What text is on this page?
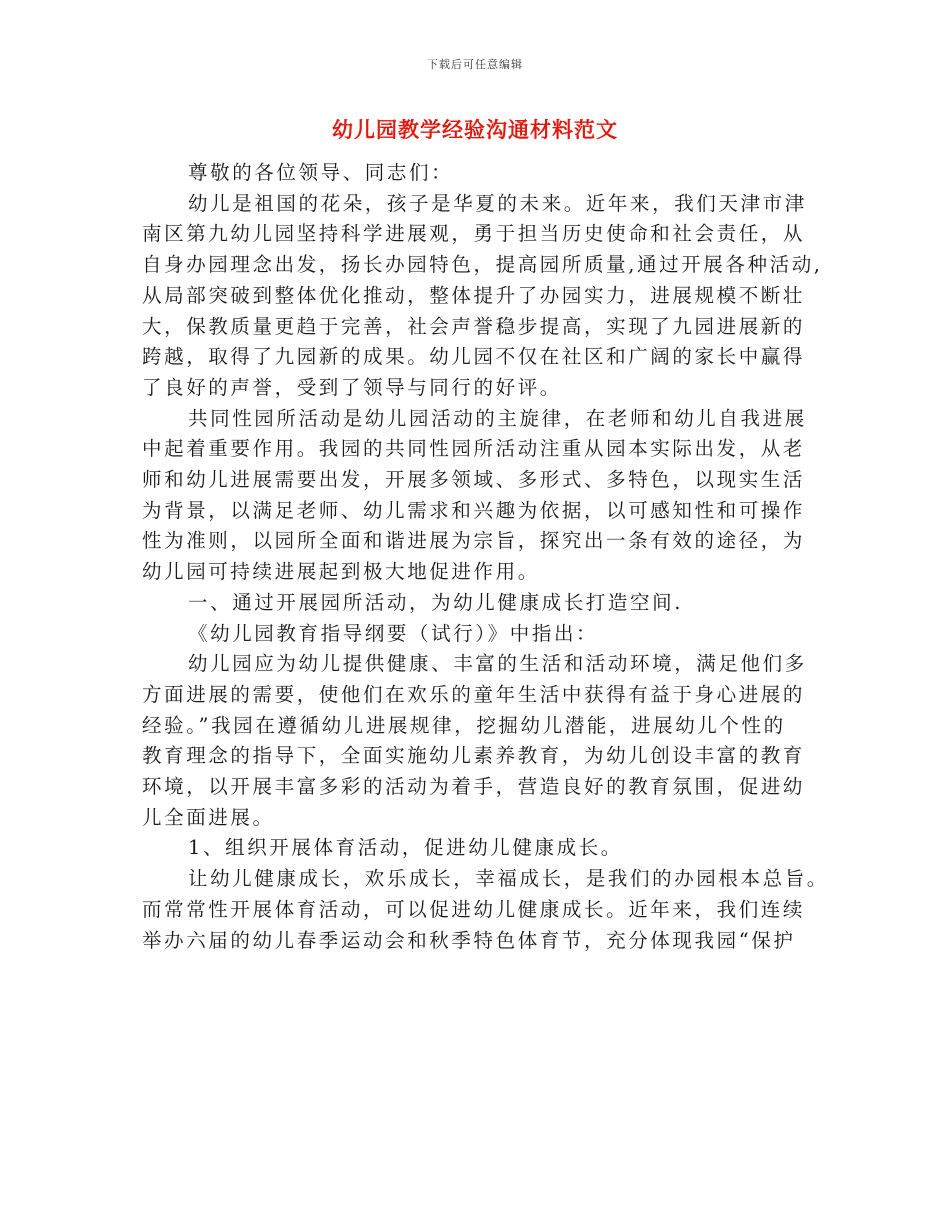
下载后可任意编辑
幼儿园教学经验沟通材料范文
尊敬的各位领导、同志们：
幼儿是祖国的花朵，孩子是华夏的未来。近年来，我们天津市津
南区第九幼儿园坚持科学进展观，勇于担当历史使命和社会责任，从
自身办园理念出发，扬长办园特色，提高园所质量,通过开展各种活动,
从局部突破到整体优化推动，整体提升了办园实力，进展规模不断壮
大，保教质量更趋于完善，社会声誉稳步提高，实现了九园进展新的
跨越，取得了九园新的成果。幼儿园不仅在社区和广阔的家长中赢得
了良好的声誉，受到了领导与同行的好评。
共同性园所活动是幼儿园活动的主旋律，在老师和幼儿自我进展
中起着重要作用。我园的共同性园所活动注重从园本实际出发，从老
师和幼儿进展需要出发，开展多领域、多形式、多特色，以现实生活
为背景，以满足老师、幼儿需求和兴趣为依据，以可感知性和可操作
性为准则，以园所全面和谐进展为宗旨，探究出一条有效的途径，为
幼儿园可持续进展起到极大地促进作用。
一、通过开展园所活动，为幼儿健康成长打造空间.
《幼儿园教育指导纲要（试行）》中指出：
幼儿园应为幼儿提供健康、丰富的生活和活动环境，满足他们多
方面进展的需要，使他们在欢乐的童年生活中获得有益于身心进展的
经验。”我园在遵循幼儿进展规律，挖掘幼儿潜能，进展幼儿个性的
教育理念的指导下，全面实施幼儿素养教育，为幼儿创设丰富的教育
环境，以开展丰富多彩的活动为着手，营造良好的教育氛围，促进幼
儿全面进展。
1、组织开展体育活动，促进幼儿健康成长。
让幼儿健康成长，欢乐成长，幸福成长，是我们的办园根本总旨。
而常常性开展体育活动，可以促进幼儿健康成长。近年来，我们连续
举办六届的幼儿春季运动会和秋季特色体育节，充分体现我园“保护
